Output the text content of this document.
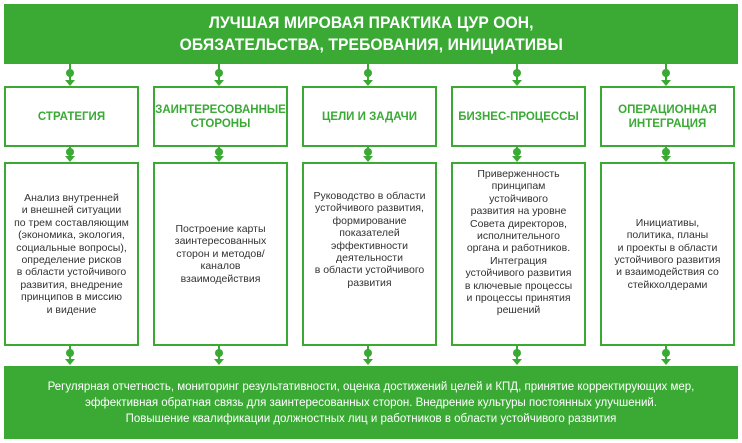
ЛУЧШАЯ МИРОВАЯ ПРАКТИКА ЦУР ООН,
ОБЯЗАТЕЛЬСТВА, ТРЕБОВАНИЯ, ИНИЦИАТИВЫ
СТРАТЕГИЯ
Анализ внутренней
и внешней ситуации
по трем составляющим
(экономика, экология,
социальные вопросы),
определение рисков
в области устойчивого
развития, внедрение
принципов в миссию
и видение
ЗАИНТЕРЕСОВАННЫЕ
СТОРОНЫ
Построение карты
заинтересованных
сторон и методов/
каналов
взаимодействия
ЦЕЛИ И ЗАДАЧИ
Руководство в области
устойчивого развития,
формирование
показателей
эффективности
деятельности
в области устойчивого
развития
БИЗНЕС-ПРОЦЕССЫ
Приверженность
принципам
устойчивого
развития на уровне
Совета директоров,
исполнительного
органа и работников.
Интеграция
устойчивого развития
в ключевые процессы
и процессы принятия
решений
ОПЕРАЦИОННАЯ
ИНТЕГРАЦИЯ
Инициативы,
политика, планы
и проекты в области
устойчивого развития
и взаимодействия со
стейкхолдерами
Регулярная отчетность, мониторинг результативности, оценка достижений целей и КПД, принятие корректирующих мер,
эффективная обратная связь для заинтересованных сторон. Внедрение культуры постоянных улучшений.
Повышение квалификации должностных лиц и работников в области устойчивого развития
